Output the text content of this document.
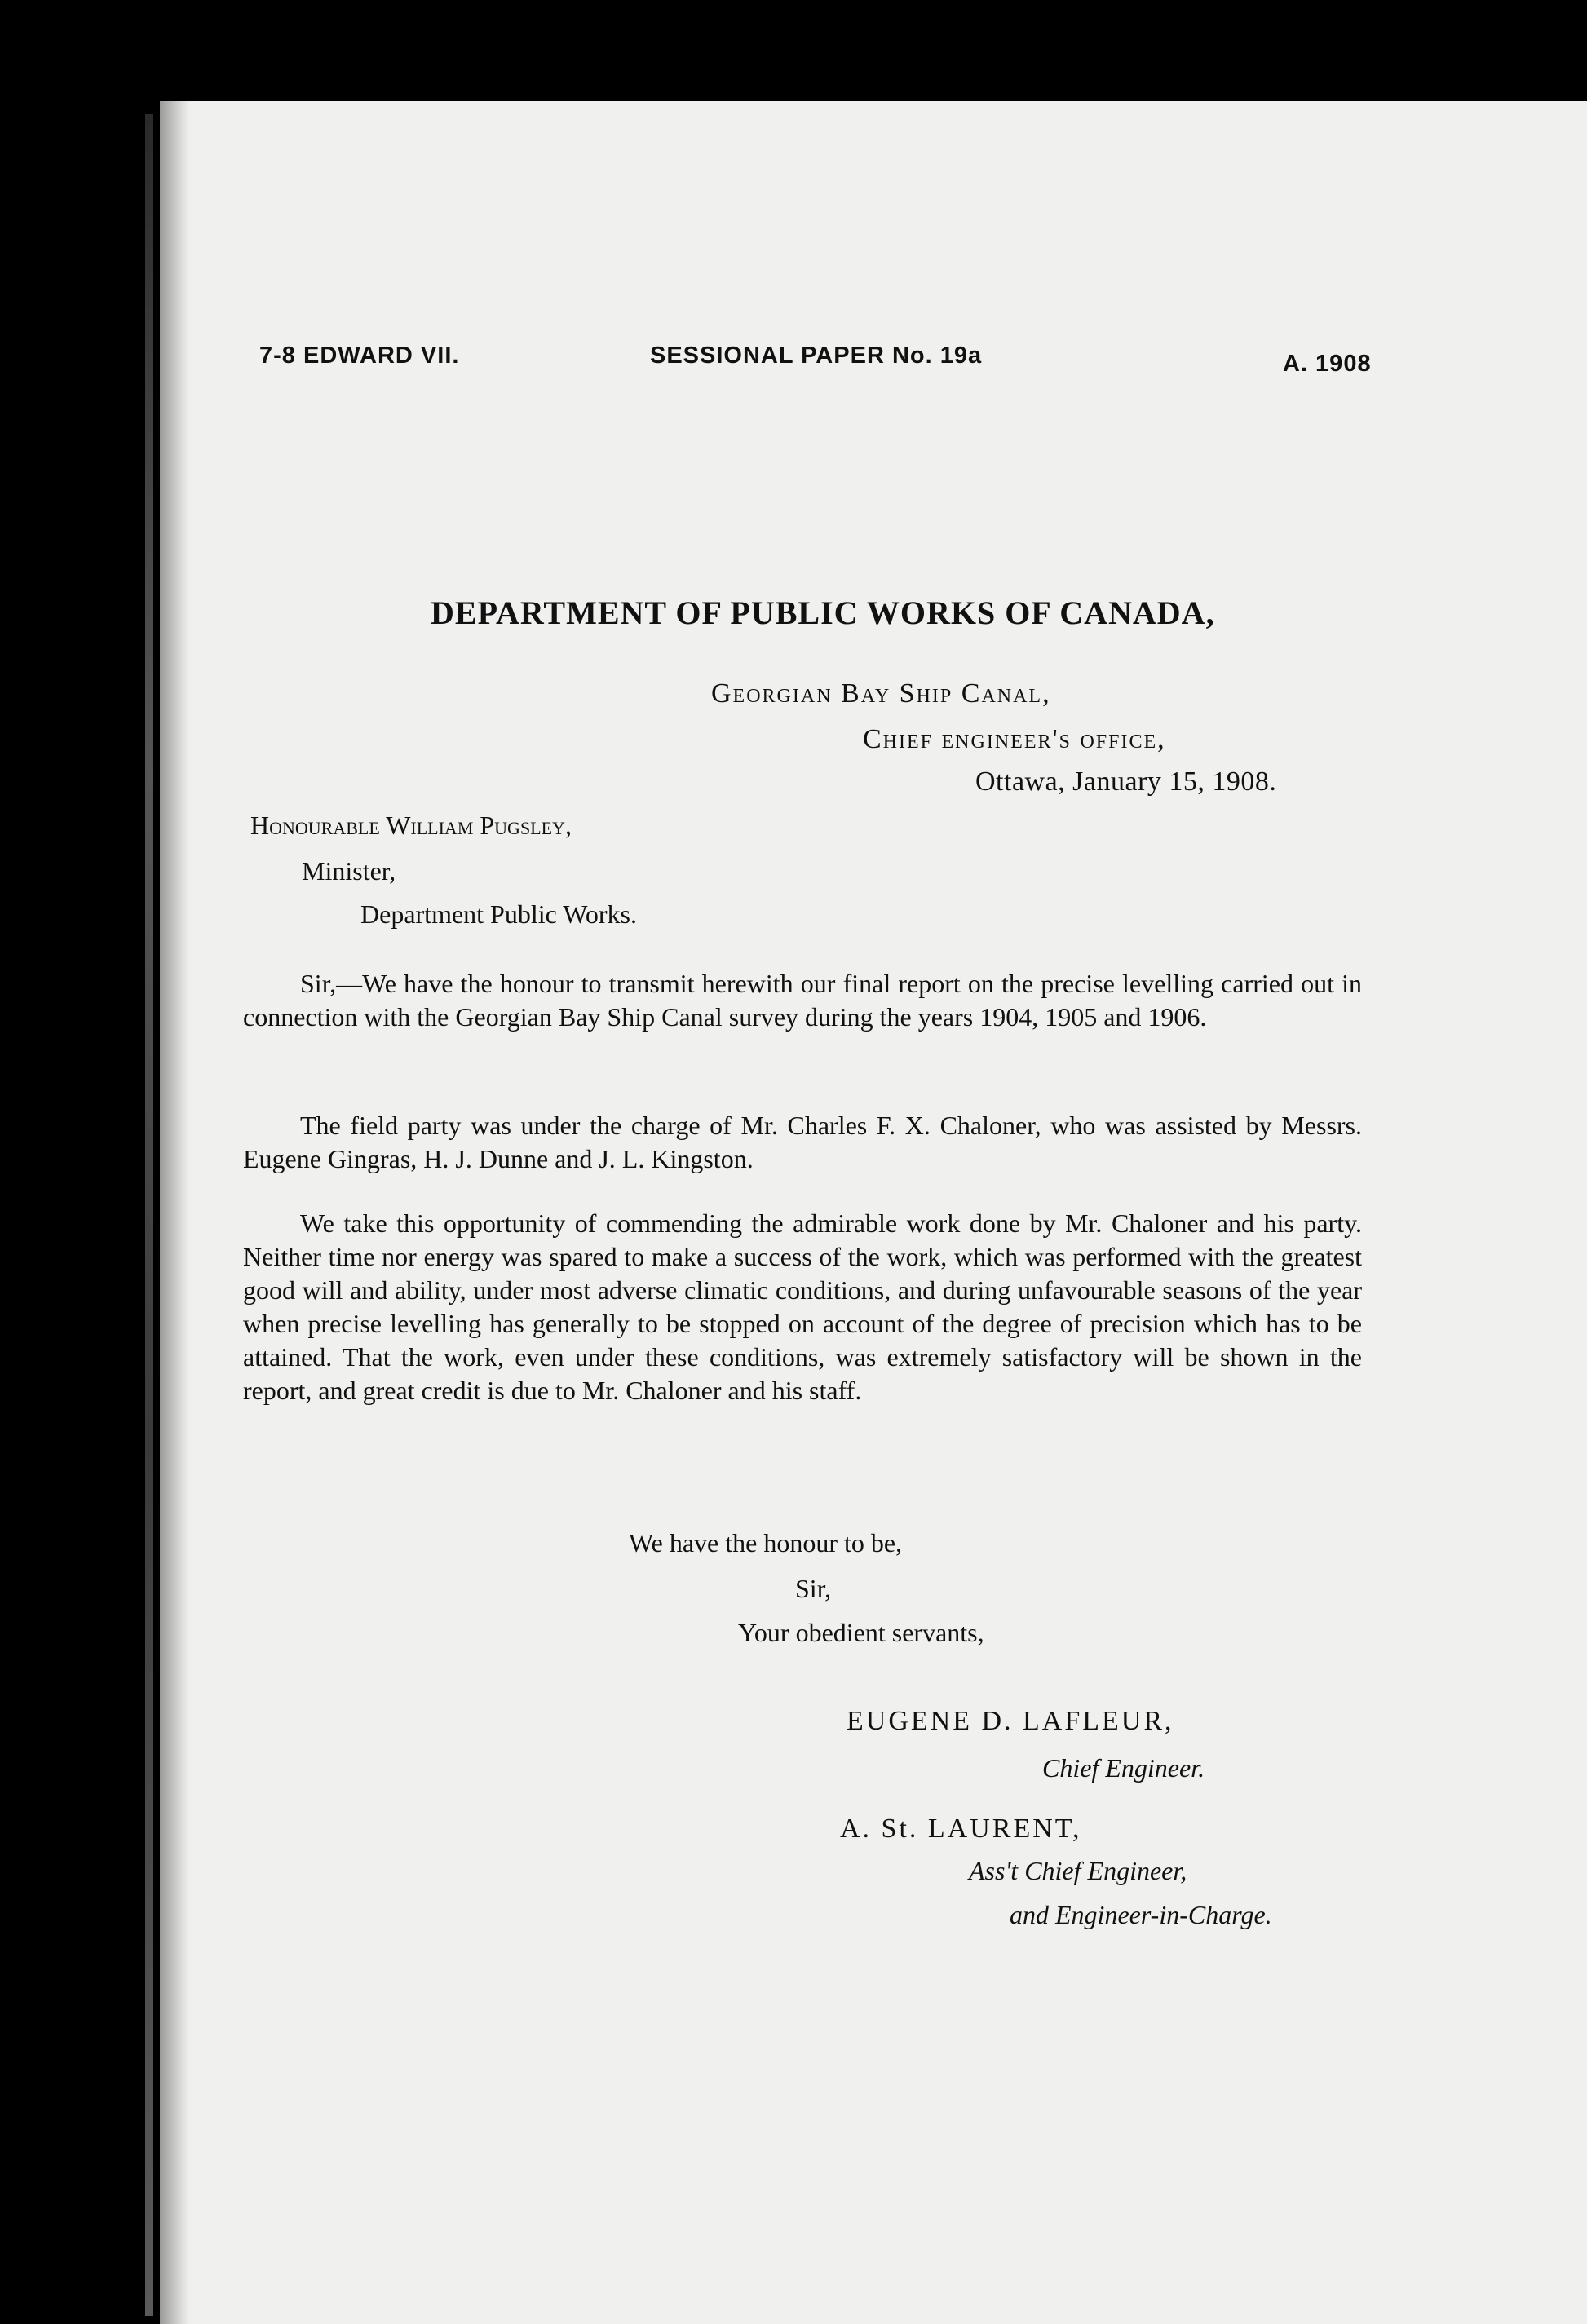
7-8 EDWARD VII.	SESSIONAL PAPER No. 19a	A. 1908
DEPARTMENT OF PUBLIC WORKS OF CANADA,
Georgian Bay Ship Canal,
Chief engineer's office,
Ottawa, January 15, 1908.
Honourable William Pugsley,
Minister,
Department Public Works.

Sir,—We have the honour to transmit herewith our final report on the precise levelling carried out in connection with the Georgian Bay Ship Canal survey during the years 1904, 1905 and 1906.

The field party was under the charge of Mr. Charles F. X. Chaloner, who was assisted by Messrs. Eugene Gingras, H. J. Dunne and J. L. Kingston.

We take this opportunity of commending the admirable work done by Mr. Chaloner and his party. Neither time nor energy was spared to make a success of the work, which was performed with the greatest good will and ability, under most adverse climatic conditions, and during unfavourable seasons of the year when precise levelling has generally to be stopped on account of the degree of precision which has to be attained. That the work, even under these conditions, was extremely satisfactory will be shown in the report, and great credit is due to Mr. Chaloner and his staff.

We have the honour to be,
Sir,
Your obedient servants,
EUGENE D. LAFLEUR,
Chief Engineer.
A. St. LAURENT,
Ass't Chief Engineer,
and Engineer-in-Charge.
